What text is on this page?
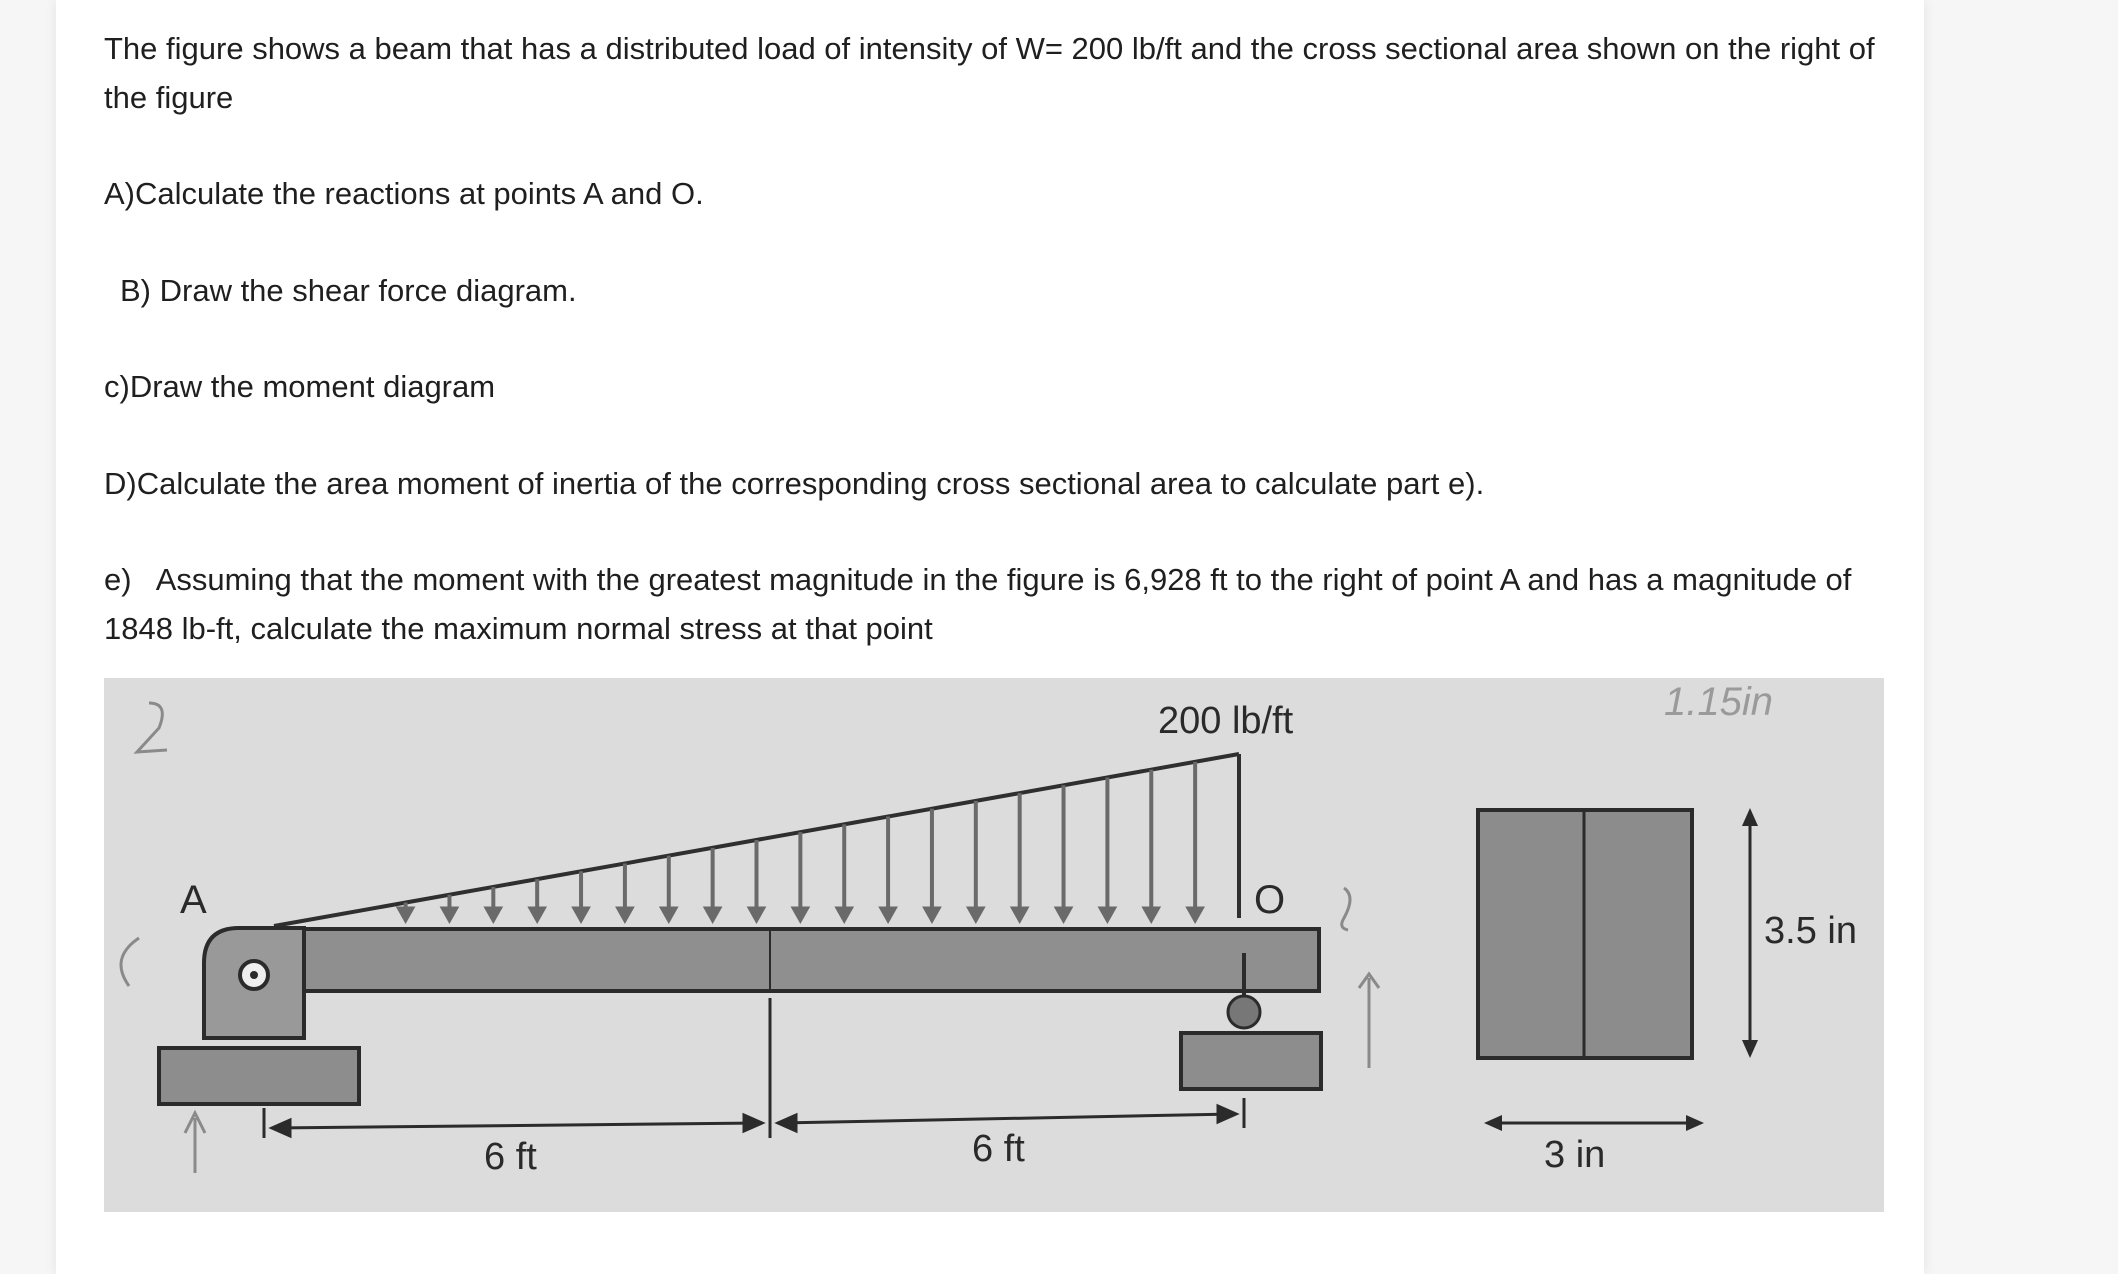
The figure shows a beam that has a distributed load of intensity of W= 200 lb/ft and the cross sectional area shown on the right of the figure

A)Calculate the reactions at points A and O.

B) Draw the shear force diagram.

c)Draw the moment diagram

D)Calculate the area moment of inertia of the corresponding cross sectional area to calculate part e).

e)   Assuming that the moment with the greatest magnitude in the figure is 6,928 ft to the right of point A and has a magnitude of 1848 lb-ft, calculate the maximum normal stress at that point

200 lb/ft
A	O
6 ft	6 ft
3.5 in
3 in
1.15in
